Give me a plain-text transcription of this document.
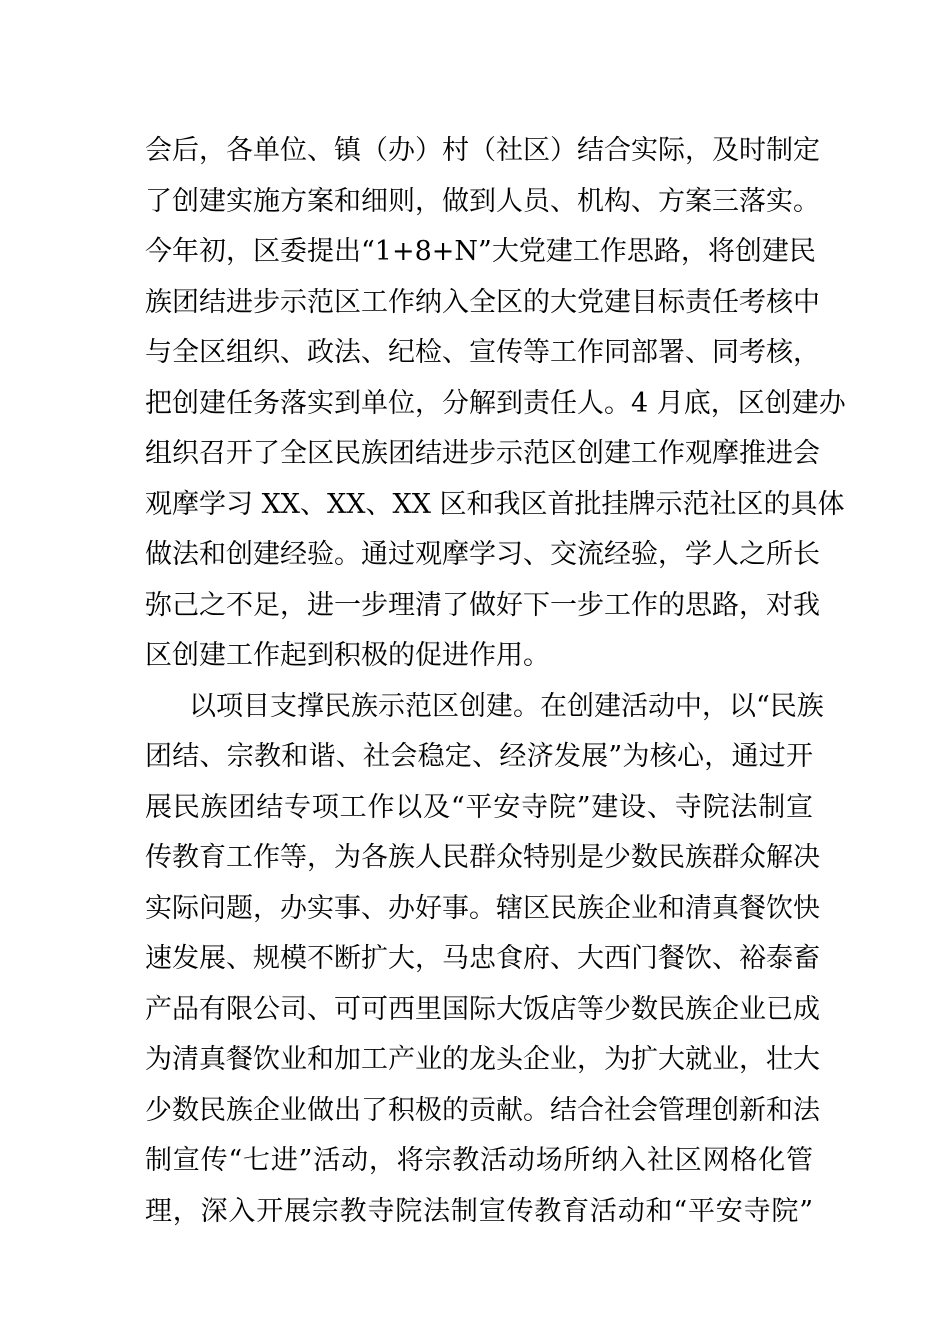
会后，各单位、镇（办）村（社区）结合实际，及时制定
了创建实施方案和细则，做到人员、机构、方案三落实。
今年初，区委提出“1+8+N”大党建工作思路，将创建民
族团结进步示范区工作纳入全区的大党建目标责任考核中
与全区组织、政法、纪检、宣传等工作同部署、同考核，
把创建任务落实到单位，分解到责任人。4 月底，区创建办
组织召开了全区民族团结进步示范区创建工作观摩推进会
观摩学习 XX、XX、XX 区和我区首批挂牌示范社区的具体
做法和创建经验。通过观摩学习、交流经验，学人之所长
弥己之不足，进一步理清了做好下一步工作的思路，对我
区创建工作起到积极的促进作用。
以项目支撑民族示范区创建。在创建活动中，以“民族
团结、宗教和谐、社会稳定、经济发展”为核心，通过开
展民族团结专项工作以及“平安寺院”建设、寺院法制宣
传教育工作等，为各族人民群众特别是少数民族群众解决
实际问题，办实事、办好事。辖区民族企业和清真餐饮快
速发展、规模不断扩大，马忠食府、大西门餐饮、裕泰畜
产品有限公司、可可西里国际大饭店等少数民族企业已成
为清真餐饮业和加工产业的龙头企业，为扩大就业，壮大
少数民族企业做出了积极的贡献。结合社会管理创新和法
制宣传“七进”活动，将宗教活动场所纳入社区网格化管
理，深入开展宗教寺院法制宣传教育活动和“平安寺院”
